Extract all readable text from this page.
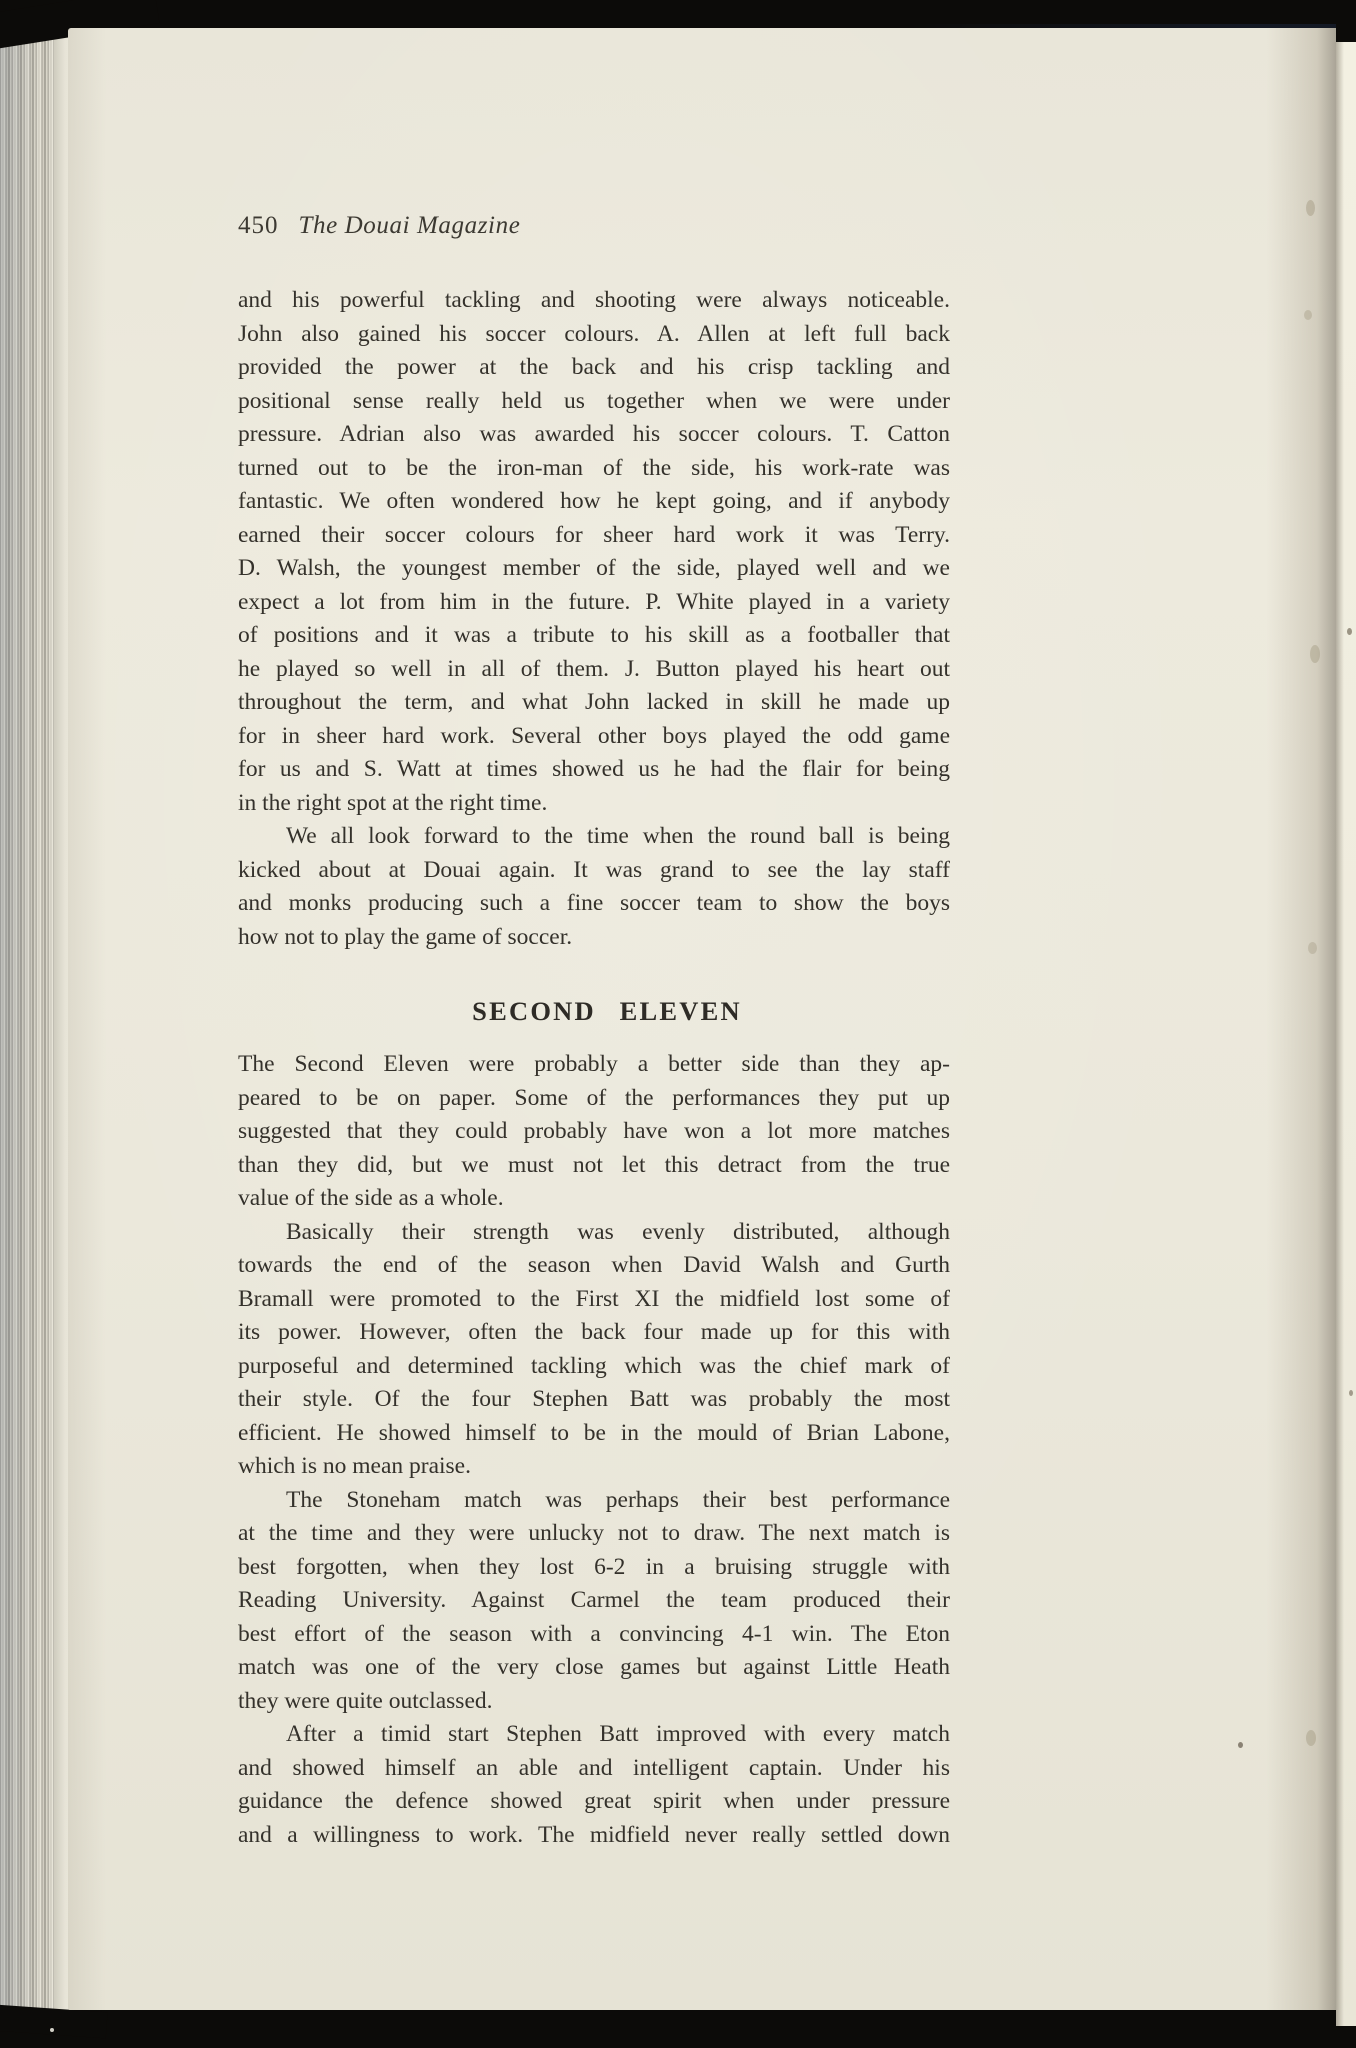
450 The Douai Magazine
and his powerful tackling and shooting were always noticeable.
John also gained his soccer colours. A. Allen at left full back
provided the power at the back and his crisp tackling and
positional sense really held us together when we were under
pressure. Adrian also was awarded his soccer colours. T. Catton
turned out to be the iron-man of the side, his work-rate was
fantastic. We often wondered how he kept going, and if anybody
earned their soccer colours for sheer hard work it was Terry.
D. Walsh, the youngest member of the side, played well and we
expect a lot from him in the future. P. White played in a variety
of positions and it was a tribute to his skill as a footballer that
he played so well in all of them. J. Button played his heart out
throughout the term, and what John lacked in skill he made up
for in sheer hard work. Several other boys played the odd game
for us and S. Watt at times showed us he had the flair for being
in the right spot at the right time.
We all look forward to the time when the round ball is being
kicked about at Douai again. It was grand to see the lay staff
and monks producing such a fine soccer team to show the boys
how not to play the game of soccer.
SECOND ELEVEN
The Second Eleven were probably a better side than they ap-
peared to be on paper. Some of the performances they put up
suggested that they could probably have won a lot more matches
than they did, but we must not let this detract from the true
value of the side as a whole.
Basically their strength was evenly distributed, although
towards the end of the season when David Walsh and Gurth
Bramall were promoted to the First XI the midfield lost some of
its power. However, often the back four made up for this with
purposeful and determined tackling which was the chief mark of
their style. Of the four Stephen Batt was probably the most
efficient. He showed himself to be in the mould of Brian Labone,
which is no mean praise.
The Stoneham match was perhaps their best performance
at the time and they were unlucky not to draw. The next match is
best forgotten, when they lost 6-2 in a bruising struggle with
Reading University. Against Carmel the team produced their
best effort of the season with a convincing 4-1 win. The Eton
match was one of the very close games but against Little Heath
they were quite outclassed.
After a timid start Stephen Batt improved with every match
and showed himself an able and intelligent captain. Under his
guidance the defence showed great spirit when under pressure
and a willingness to work. The midfield never really settled down
